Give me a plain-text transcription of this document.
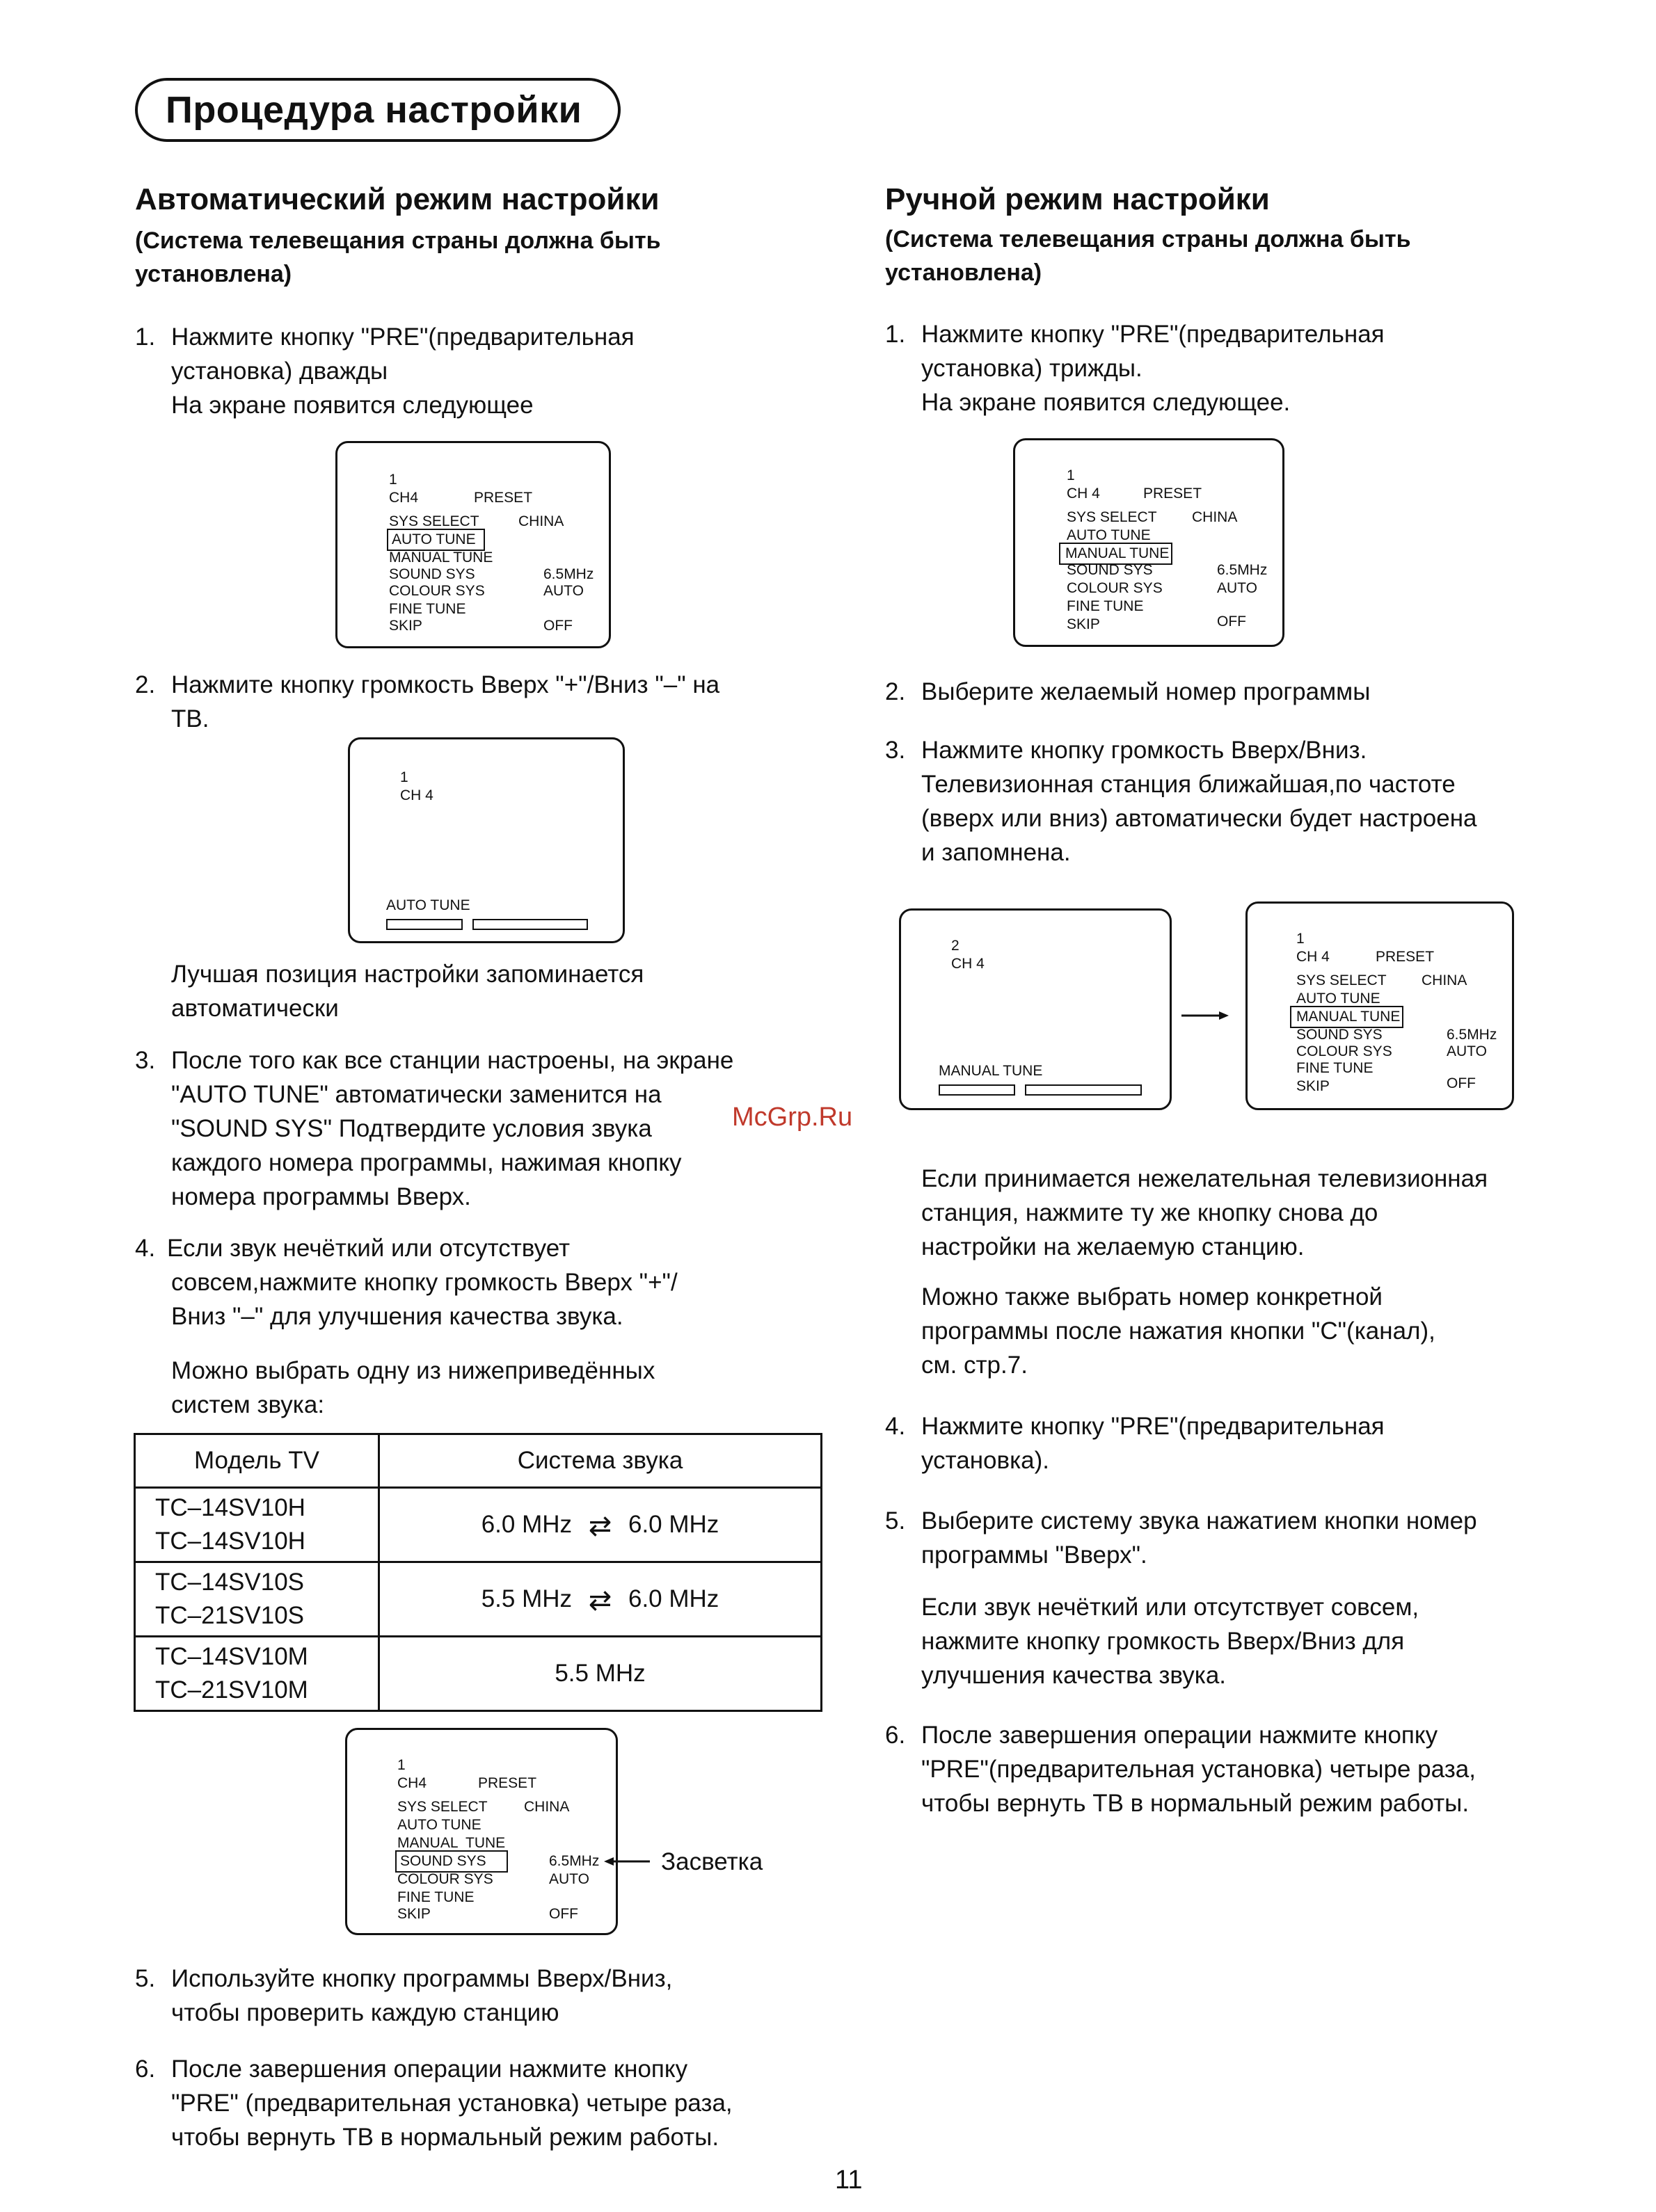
Процедура настройки
Автоматический режим настройки
(Система телевещания страны должна быть
установлена)
1. Нажмите кнопку "PRE"(предварительная
установка) дважды
На экране появится следующее
1
CH4	PRESET
SYS SELECT	CHINA
AUTO TUNE
MANUAL TUNE
SOUND SYS	6.5MHz
COLOUR SYS	AUTO
FINE TUNE
SKIP	OFF
2. Нажмите кнопку громкость Вверх "+"/Вниз "–" на
ТВ.
1
CH 4
AUTO TUNE
Лучшая позиция настройки запоминается
автоматически
3. После того как все станции настроены, на экране
"AUTO TUNE" автоматически заменится на
"SOUND SYS" Подтвердите условия звука
каждого номера программы, нажимая кнопку
номера программы Вверх.
McGrp.Ru
4. Если звук нечёткий или отсутствует
совсем,нажмите кнопку громкость Вверх "+"/
Вниз "–" для улучшения качества звука.
Можно выбрать одну из нижеприведённых
систем звука:
Модель TV	Система звука

TC–14SV10H
TC–14SV10H	6.0 MHz ⇄ 6.0 MHz

TC–14SV10S
TC–21SV10S	5.5 MHz ⇄ 6.0 MHz

TC–14SV10M
TC–21SV10M	5.5 MHz
1
CH4	PRESET
SYS SELECT CHINA
AUTO TUNE
MANUAL  TUNE
SOUND SYS	6.5MHz
COLOUR SYS	AUTO
FINE TUNE
SKIP	OFF
Засветка
5. Используйте кнопку программы Вверх/Вниз,
чтобы проверить каждую станцию
6. После завершения операции нажмите кнопку
"PRE" (предварительная установка) четыре раза,
чтобы вернуть ТВ в нормальный режим работы.
Ручной режим настройки
(Система телевещания страны должна быть
установлена)
1. Нажмите кнопку "PRE"(предварительная
установка) трижды.
На экране появится следующее.
1
CH 4	PRESET
SYS SELECT CHINA
AUTO TUNE
MANUAL TUNE
SOUND SYS	6.5MHz
COLOUR SYS	AUTO
FINE TUNE
SKIP	OFF
2. Выберите желаемый номер программы
3. Нажмите кнопку громкость Вверх/Вниз.
Телевизионная станция ближайшая,по частоте
(вверх или вниз) автоматически будет настроена
и запомнена.
2
CH 4
MANUAL TUNE
1
CH 4	PRESET
SYS SELECT CHINA
AUTO TUNE
MANUAL TUNE
SOUND SYS	6.5MHz
COLOUR SYS	AUTO
FINE TUNE
SKIP	OFF
Если принимается нежелательная телевизионная
станция, нажмите ту же кнопку снова до
настройки на желаемую станцию.
Можно также выбрать номер конкретной
программы после нажатия кнопки "C"(канал),
см. стр.7.
4. Нажмите кнопку "PRE"(предварительная
установка).
5. Выберите систему звука нажатием кнопки номер
программы "Вверх".
Если звук нечёткий или отсутствует совсем,
нажмите кнопку громкость Вверх/Вниз для
улучшения качества звука.
6. После завершения операции нажмите кнопку
"PRE"(предварительная установка) четыре раза,
чтобы вернуть ТВ в нормальный режим работы.
11
